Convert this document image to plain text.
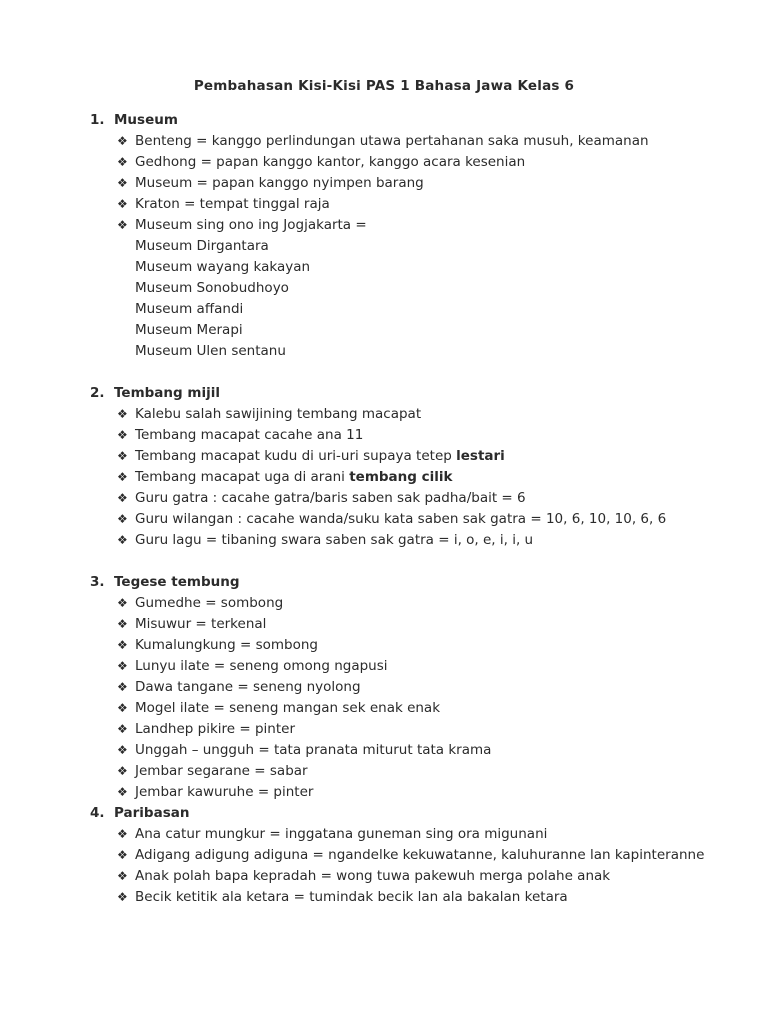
Pembahasan Kisi-Kisi PAS 1 Bahasa Jawa Kelas 6
1. Museum
❖ Benteng = kanggo perlindungan utawa pertahanan saka musuh, keamanan
❖ Gedhong = papan kanggo kantor, kanggo acara kesenian
❖ Museum = papan kanggo nyimpen barang
❖ Kraton = tempat tinggal raja
❖ Museum sing ono ing Jogjakarta =
Museum Dirgantara
Museum wayang kakayan
Museum Sonobudhoyo
Museum affandi
Museum Merapi
Museum Ulen sentanu
2. Tembang mijil
❖ Kalebu salah sawijining tembang macapat
❖ Tembang macapat cacahe ana 11
❖ Tembang macapat kudu di uri-uri supaya tetep lestari
❖ Tembang macapat uga di arani tembang cilik
❖ Guru gatra : cacahe gatra/baris saben sak padha/bait = 6
❖ Guru wilangan : cacahe wanda/suku kata saben sak gatra = 10, 6, 10, 10, 6, 6
❖ Guru lagu = tibaning swara saben sak gatra = i, o, e, i, i, u
3. Tegese tembung
❖ Gumedhe = sombong
❖ Misuwur = terkenal
❖ Kumalungkung = sombong
❖ Lunyu ilate = seneng omong ngapusi
❖ Dawa tangane = seneng nyolong
❖ Mogel ilate = seneng mangan sek enak enak
❖ Landhep pikire = pinter
❖ Unggah – ungguh = tata pranata miturut tata krama
❖ Jembar segarane = sabar
❖ Jembar kawuruhe = pinter
4. Paribasan
❖ Ana catur mungkur = inggatana guneman sing ora migunani
❖ Adigang adigung adiguna = ngandelke kekuwatanne, kaluhuranne lan kapinteranne
❖ Anak polah bapa kepradah = wong tuwa pakewuh merga polahe anak
❖ Becik ketitik ala ketara = tumindak becik lan ala bakalan ketara
